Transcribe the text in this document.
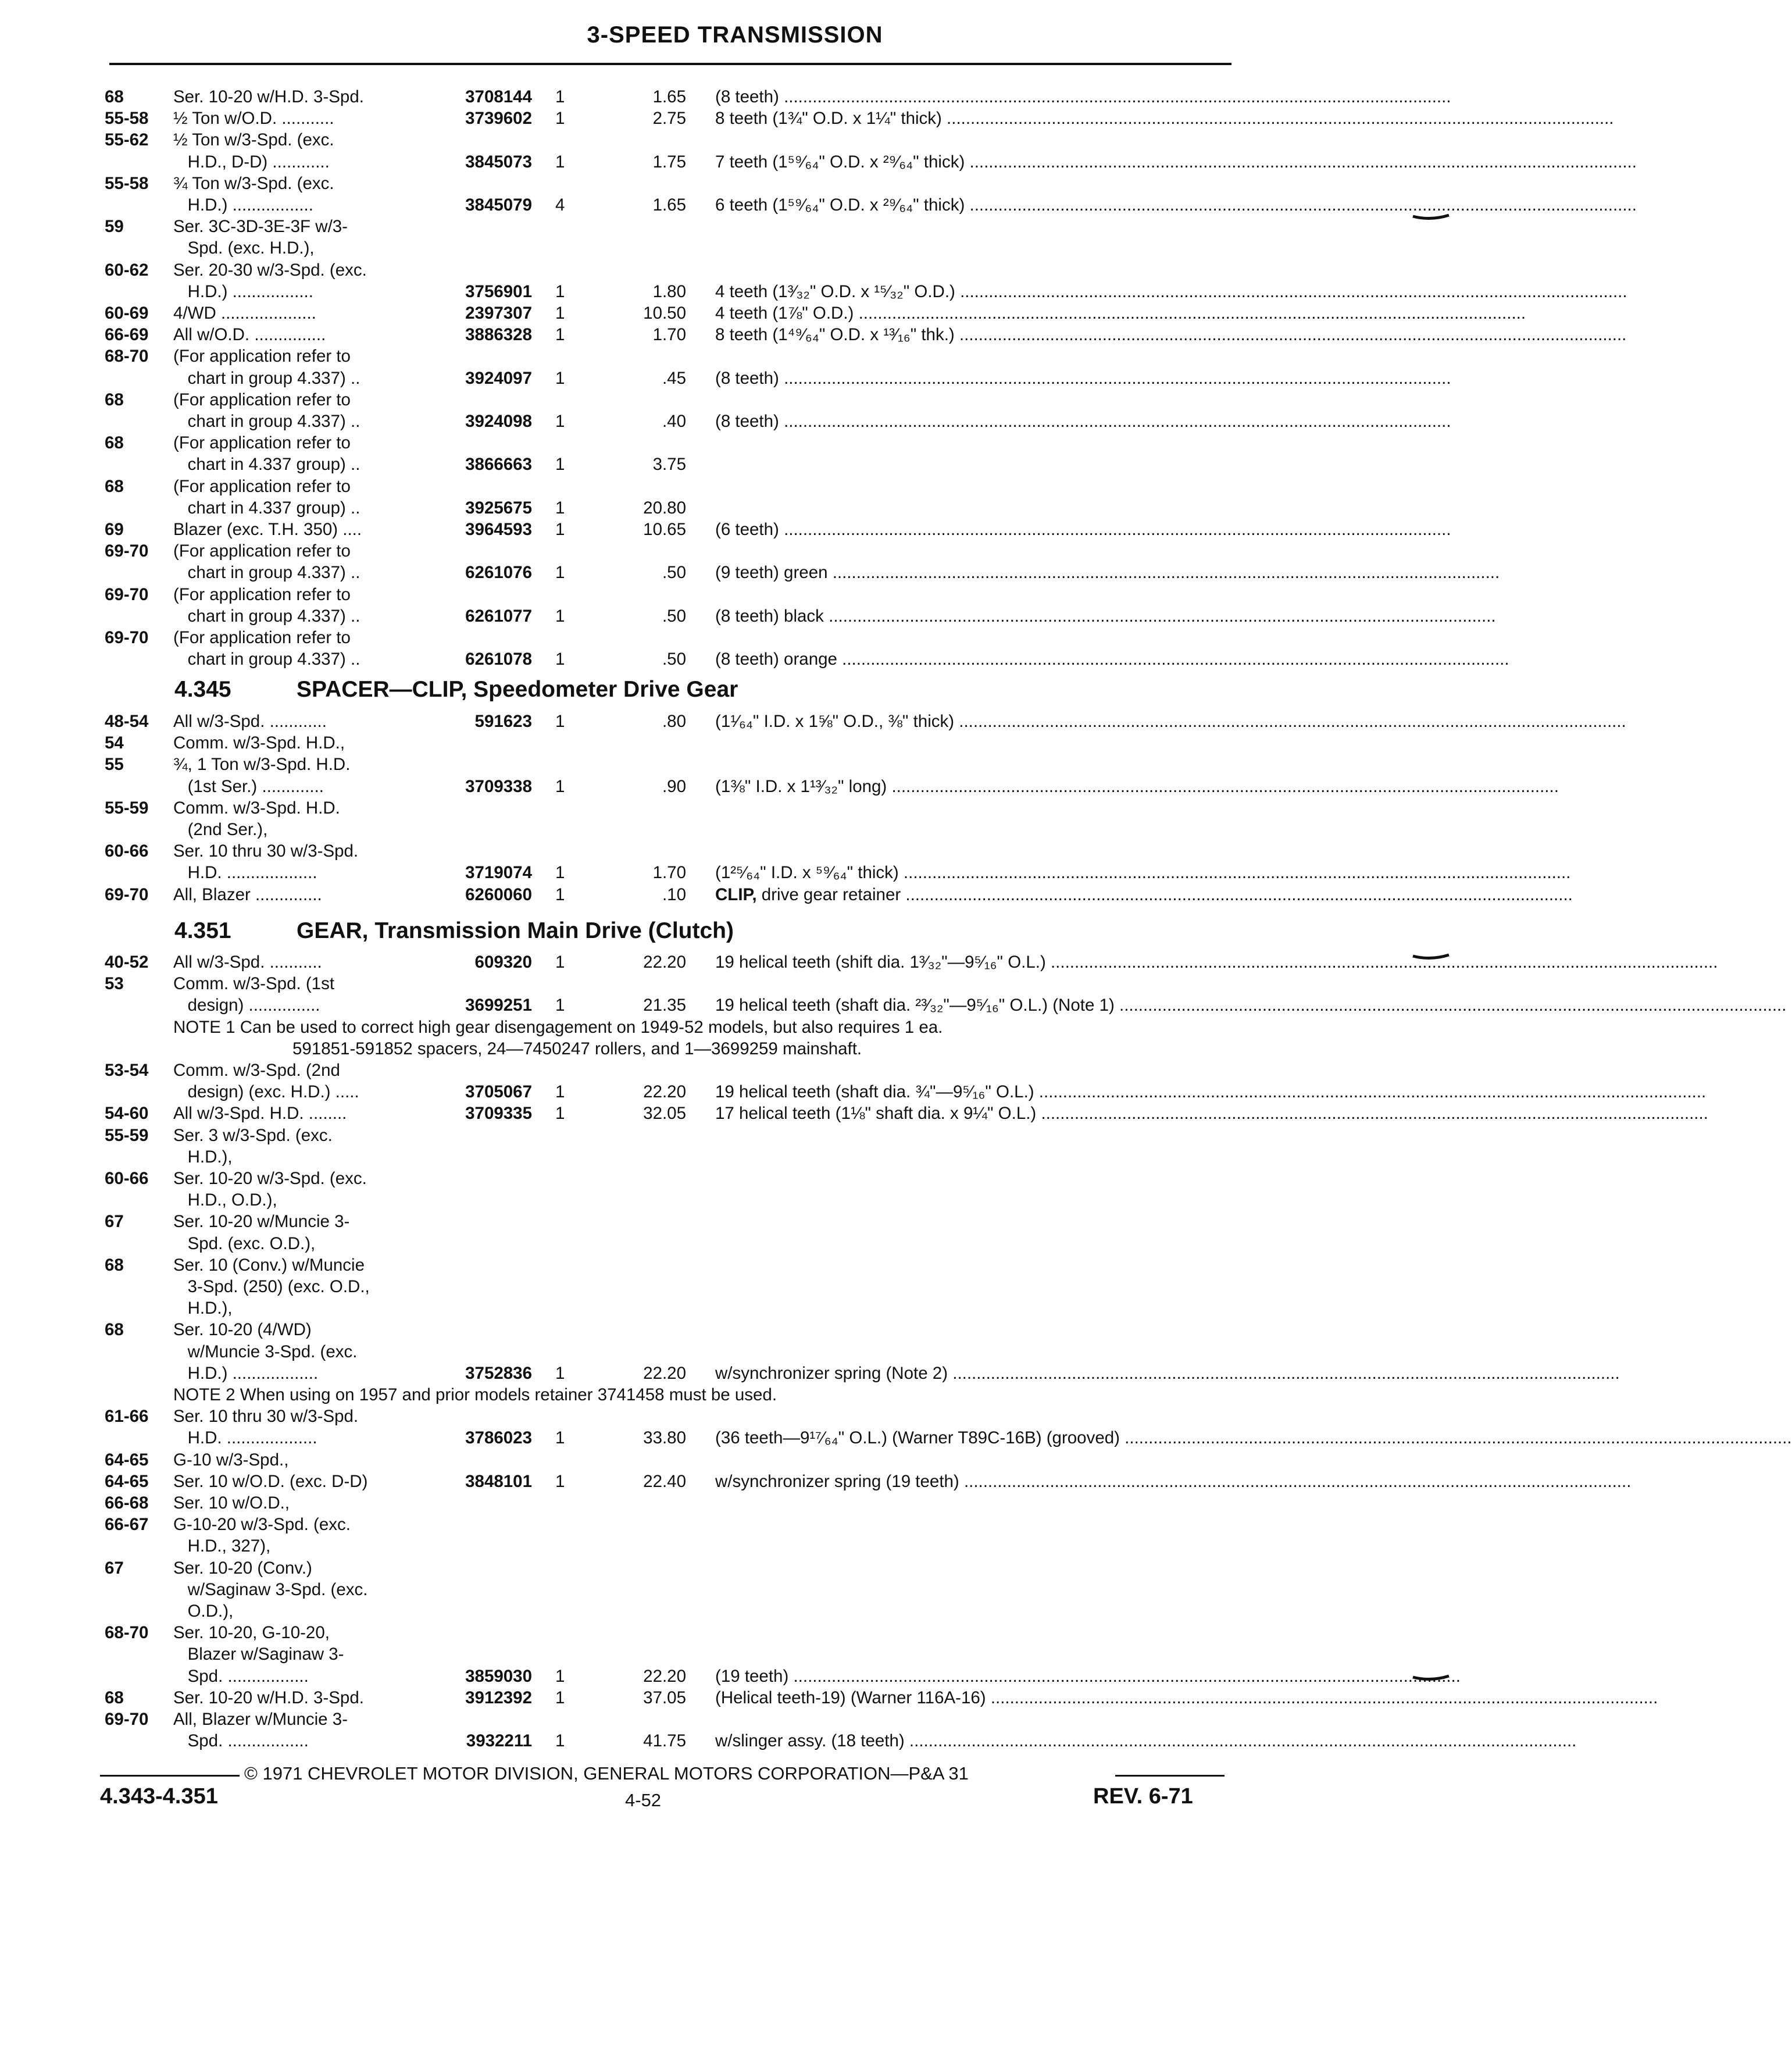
3-SPEED TRANSMISSION
68	Ser. 10-20 w/H.D. 3-Spd.	3708144 1	1.65 (8 teeth) ............................................................................................................................................
55-58 ½ Ton w/O.D. ...........	3739602 1	2.75 8 teeth (1¾" O.D. x 1¼" thick) ............................................................................................................................................
55-62 ½ Ton w/3-Spd. (exc.
H.D., D-D) ............	3845073 1	1.75 7 teeth (1⁵⁹⁄₆₄" O.D. x ²⁹⁄₆₄" thick) ............................................................................................................................................
55-58 ¾ Ton w/3-Spd. (exc.
H.D.) .................	3845079 4	1.65 6 teeth (1⁵⁹⁄₆₄" O.D. x ²⁹⁄₆₄" thick) ............................................................................................................................................
59	Ser. 3C-3D-3E-3F w/3-
Spd. (exc. H.D.),
60-62 Ser. 20-30 w/3-Spd. (exc.
H.D.) .................	3756901 1	1.80 4 teeth (1³⁄₃₂" O.D. x ¹⁵⁄₃₂" O.D.) ............................................................................................................................................
60-69 4/WD ....................	2397307 1	10.50 4 teeth (1⅞" O.D.) ............................................................................................................................................
66-69 All w/O.D. ...............	3886328 1	1.70 8 teeth (1⁴⁹⁄₆₄" O.D. x ¹³⁄₁₆" thk.) ............................................................................................................................................
68-70 (For application refer to
chart in group 4.337) ..	3924097 1	.45 (8 teeth) ............................................................................................................................................
68	(For application refer to
chart in group 4.337) ..	3924098 1	.40 (8 teeth) ............................................................................................................................................
68	(For application refer to
chart in 4.337 group) ..	3866663 1	3.75
68	(For application refer to
chart in 4.337 group) ..	3925675 1	20.80
69	Blazer (exc. T.H. 350) ....	3964593 1	10.65 (6 teeth) ............................................................................................................................................
69-70 (For application refer to
chart in group 4.337) ..	6261076 1	.50 (9 teeth) green ............................................................................................................................................
69-70 (For application refer to
chart in group 4.337) ..	6261077 1	.50 (8 teeth) black ............................................................................................................................................
69-70 (For application refer to
chart in group 4.337) ..	6261078 1	.50 (8 teeth) orange ............................................................................................................................................
4.345	SPACER—CLIP, Speedometer Drive Gear
48-54 All w/3-Spd. ............	591623 1	.80 (1¹⁄₆₄" I.D. x 1⅝" O.D., ⅜" thick) ............................................................................................................................................
54	Comm. w/3-Spd. H.D.,
55	¾, 1 Ton w/3-Spd. H.D.
(1st Ser.) .............	3709338 1	.90 (1⅜" I.D. x 1¹³⁄₃₂" long) ............................................................................................................................................
55-59 Comm. w/3-Spd. H.D.
(2nd Ser.),
60-66 Ser. 10 thru 30 w/3-Spd.
H.D. ...................	3719074 1	1.70 (1²⁵⁄₆₄" I.D. x ⁵⁹⁄₆₄" thick) ............................................................................................................................................
69-70 All, Blazer ..............	6260060 1	.10 CLIP, drive gear retainer ............................................................................................................................................
4.351	GEAR, Transmission Main Drive (Clutch)
40-52 All w/3-Spd. ...........	609320 1	22.20 19 helical teeth (shift dia. 1³⁄₃₂"—9⁵⁄₁₆" O.L.) ............................................................................................................................................
53	Comm. w/3-Spd. (1st
design) ...............	3699251 1	21.35 19 helical teeth (shaft dia. ²³⁄₃₂"—9⁵⁄₁₆" O.L.) (Note 1) ............................................................................................................................................
NOTE 1 Can be used to correct high gear disengagement on 1949-52 models, but also requires 1 ea.
591851-591852 spacers, 24—7450247 rollers, and 1—3699259 mainshaft.
53-54 Comm. w/3-Spd. (2nd
design) (exc. H.D.) .....	3705067 1	22.20 19 helical teeth (shaft dia. ¾"—9⁵⁄₁₆" O.L.) ............................................................................................................................................
54-60 All w/3-Spd. H.D. ........	3709335 1	32.05 17 helical teeth (1⅛" shaft dia. x 9¼" O.L.) ............................................................................................................................................
55-59 Ser. 3 w/3-Spd. (exc.
H.D.),
60-66 Ser. 10-20 w/3-Spd. (exc.
H.D., O.D.),
67	Ser. 10-20 w/Muncie 3-
Spd. (exc. O.D.),
68	Ser. 10 (Conv.) w/Muncie
3-Spd. (250) (exc. O.D.,
H.D.),
68	Ser. 10-20 (4/WD)
w/Muncie 3-Spd. (exc.
H.D.) ..................	3752836 1	22.20 w/synchronizer spring (Note 2) ............................................................................................................................................
NOTE 2 When using on 1957 and prior models retainer 3741458 must be used.
61-66 Ser. 10 thru 30 w/3-Spd.
H.D. ...................	3786023 1	33.80 (36 teeth—9¹⁷⁄₆₄" O.L.) (Warner T89C-16B) (grooved) ............................................................................................................................................
64-65 G-10 w/3-Spd.,
64-65 Ser. 10 w/O.D. (exc. D-D)	3848101 1	22.40 w/synchronizer spring (19 teeth) ............................................................................................................................................
66-68 Ser. 10 w/O.D.,
66-67 G-10-20 w/3-Spd. (exc.
H.D., 327),
67	Ser. 10-20 (Conv.)
w/Saginaw 3-Spd. (exc.
O.D.),
68-70 Ser. 10-20, G-10-20,
Blazer w/Saginaw 3-
Spd. .................	3859030 1	22.20 (19 teeth) ............................................................................................................................................
68	Ser. 10-20 w/H.D. 3-Spd.	3912392 1	37.05 (Helical teeth-19) (Warner 116A-16) ............................................................................................................................................
69-70 All, Blazer w/Muncie 3-
Spd. .................	3932211 1	41.75 w/slinger assy. (18 teeth) ............................................................................................................................................
© 1971 CHEVROLET MOTOR DIVISION, GENERAL MOTORS CORPORATION—P&A 31
4.343-4.351	4-52	REV. 6-71
